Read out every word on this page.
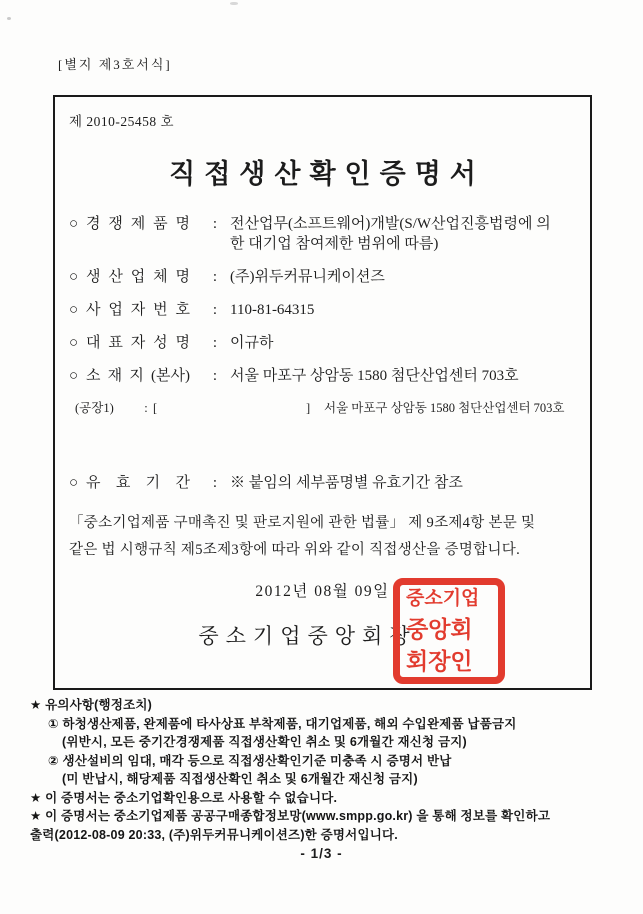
[별지 제3호서식]
제 2010-25458 호
직접생산확인증명서
○ 경 쟁 제 품 명	: 전산업무(소프트웨어)개발(S/W산업진흥법령에 의
한 대기업 참여제한 범위에 따름)
○ 생 산 업 체 명	: (주)위두커뮤니케이션즈
○ 사 업 자 번 호	: 110-81-64315
○ 대 표 자 성 명	: 이규하
○ 소 재 지 (본사)	: 서울 마포구 상암동 1580 첨단산업센터 703호
(공장1)	: [	]	서울 마포구 상암동 1580 첨단산업센터 703호
○ 유 효 기 간	: ※ 붙임의 세부품명별 유효기간 참조

「중소기업제품 구매촉진 및 판로지원에 관한 법률」 제 9조제4항 본문 및
같은 법 시행규칙 제5조제3항에 따라 위와 같이 직접생산을 증명합니다.

2012년 08월 09일
중소기업중앙회장
중소기업
중앙회
회장인
★ 유의사항(행정조치)
① 하청생산제품, 완제품에 타사상표 부착제품, 대기업제품, 해외 수입완제품 납품금지
(위반시, 모든 중기간경쟁제품 직접생산확인 취소 및 6개월간 재신청 금지)
② 생산설비의 임대, 매각 등으로 직접생산확인기준 미충족 시 증명서 반납
(미 반납시, 해당제품 직접생산확인 취소 및 6개월간 재신청 금지)
★ 이 증명서는 중소기업확인용으로 사용할 수 없습니다.
★ 이 증명서는 중소기업제품 공공구매종합정보망(www.smpp.go.kr) 을 통해 정보를 확인하고
출력(2012-08-09 20:33, (주)위두커뮤니케이션즈)한 증명서입니다.
- 1/3 -
